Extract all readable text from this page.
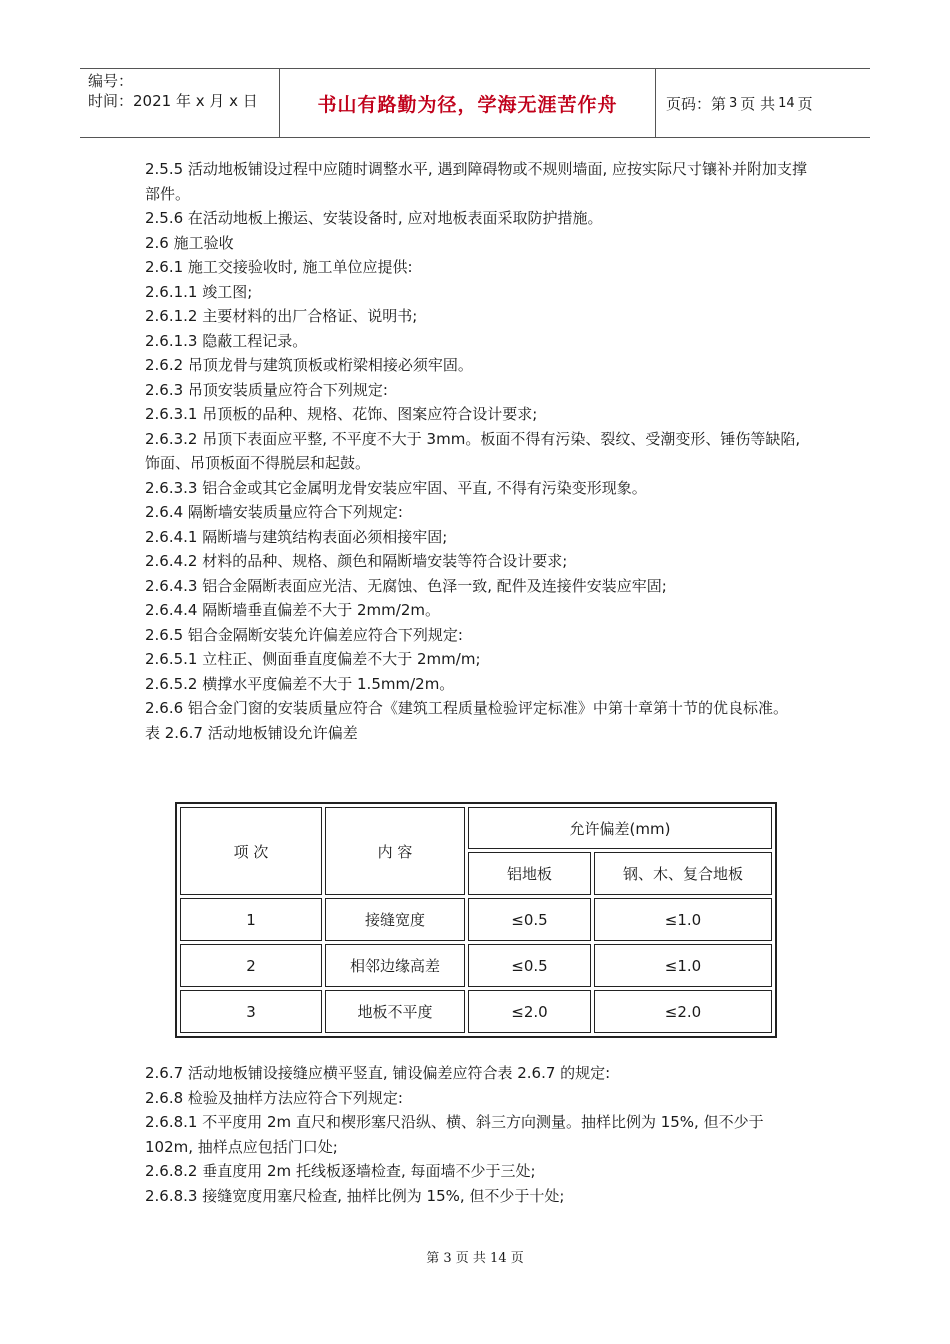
编号：
时间：2021 年 x 月 x 日	书山有路勤为径，学海无涯苦作舟	页码：第 3 页 共 14 页

2.5.5 活动地板铺设过程中应随时调整水平, 遇到障碍物或不规则墙面, 应按实际尺寸镶补并附加支撑部件。

2.5.6 在活动地板上搬运、安装设备时, 应对地板表面采取防护措施。

2.6 施工验收

2.6.1 施工交接验收时, 施工单位应提供:

2.6.1.1 竣工图;

2.6.1.2 主要材料的出厂合格证、说明书;

2.6.1.3 隐蔽工程记录。

2.6.2 吊顶龙骨与建筑顶板或桁梁相接必须牢固。

2.6.3 吊顶安装质量应符合下列规定:

2.6.3.1 吊顶板的品种、规格、花饰、图案应符合设计要求;

2.6.3.2 吊顶下表面应平整, 不平度不大于 3mm。板面不得有污染、裂纹、受潮变形、锤伤等缺陷, 饰面、吊顶板面不得脱层和起鼓。

2.6.3.3 铝合金或其它金属明龙骨安装应牢固、平直, 不得有污染变形现象。

2.6.4 隔断墙安装质量应符合下列规定:

2.6.4.1 隔断墙与建筑结构表面必须相接牢固;

2.6.4.2 材料的品种、规格、颜色和隔断墙安装等符合设计要求;

2.6.4.3 铝合金隔断表面应光洁、无腐蚀、色泽一致, 配件及连接件安装应牢固;

2.6.4.4 隔断墙垂直偏差不大于 2mm/2m。

2.6.5 铝合金隔断安装允许偏差应符合下列规定:

2.6.5.1 立柱正、侧面垂直度偏差不大于 2mm/m;

2.6.5.2 横撑水平度偏差不大于 1.5mm/2m。

2.6.6 铝合金门窗的安装质量应符合《建筑工程质量检验评定标准》中第十章第十节的优良标准。

表 2.6.7 活动地板铺设允许偏差

项 次	内 容	允许偏差(mm)	
		铝地板	钢、木、复合地板
1	接缝宽度	≤0.5	≤1.0
2	相邻边缘高差	≤0.5	≤1.0
3	地板不平度	≤2.0	≤2.0

2.6.7 活动地板铺设接缝应横平竖直, 铺设偏差应符合表 2.6.7 的规定:

2.6.8 检验及抽样方法应符合下列规定:

2.6.8.1 不平度用 2m 直尺和楔形塞尺沿纵、横、斜三方向测量。抽样比例为 15%, 但不少于 102m, 抽样点应包括门口处;

2.6.8.2 垂直度用 2m 托线板逐墙检查, 每面墙不少于三处;

2.6.8.3 接缝宽度用塞尺检查, 抽样比例为 15%, 但不少于十处;

第 3 页 共 14 页
